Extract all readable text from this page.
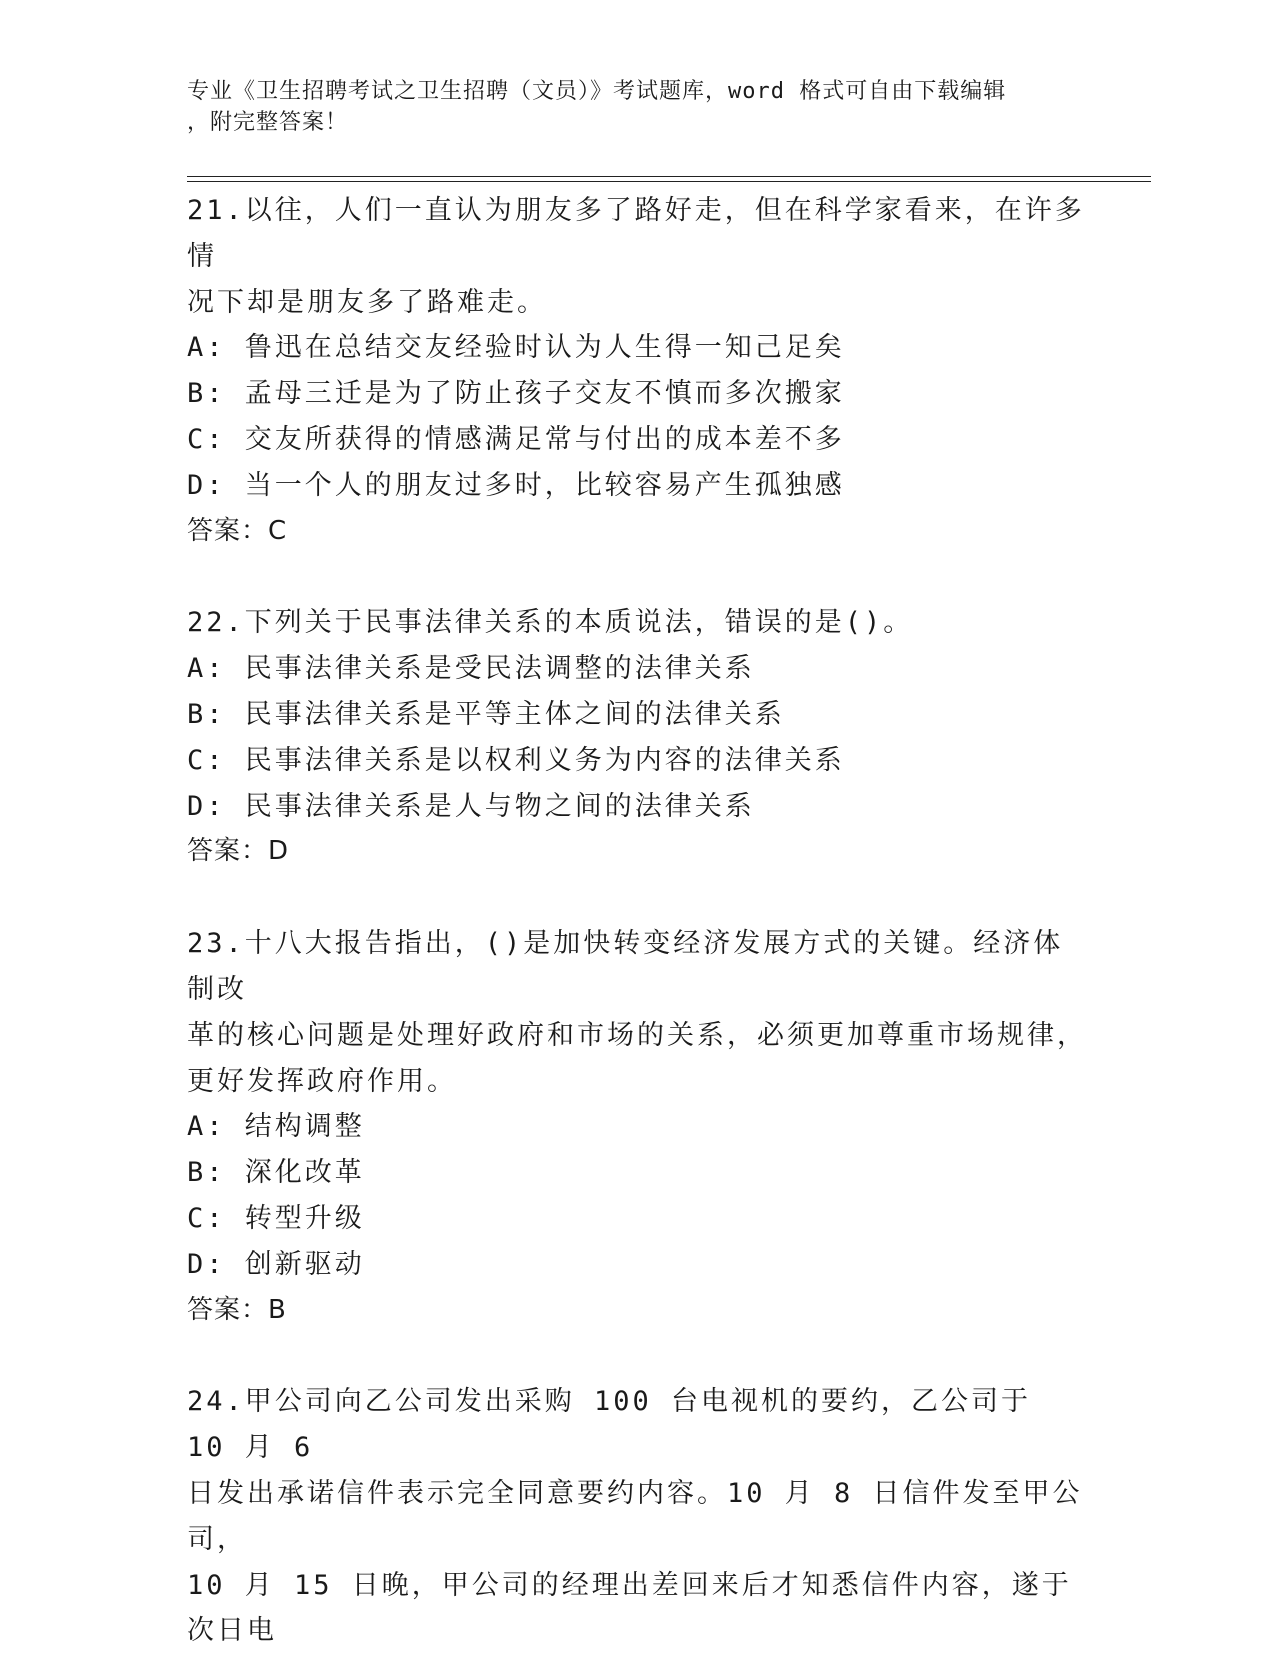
专业《卫生招聘考试之卫生招聘（文员）》考试题库，word 格式可自由下载编辑
，附完整答案！
21.以往，人们一直认为朋友多了路好走，但在科学家看来，在许多情
况下却是朋友多了路难走。
A: 鲁迅在总结交友经验时认为人生得一知己足矣
B: 孟母三迁是为了防止孩子交友不慎而多次搬家
C: 交友所获得的情感满足常与付出的成本差不多
D: 当一个人的朋友过多时，比较容易产生孤独感
答案：C
22.下列关于民事法律关系的本质说法，错误的是()。
A: 民事法律关系是受民法调整的法律关系
B: 民事法律关系是平等主体之间的法律关系
C: 民事法律关系是以权利义务为内容的法律关系
D: 民事法律关系是人与物之间的法律关系
答案：D
23.十八大报告指出，()是加快转变经济发展方式的关键。经济体制改
革的核心问题是处理好政府和市场的关系，必须更加尊重市场规律，
更好发挥政府作用。
A: 结构调整
B: 深化改革
C: 转型升级
D: 创新驱动
答案：B
24.甲公司向乙公司发出采购 100 台电视机的要约，乙公司于 10 月 6
日发出承诺信件表示完全同意要约内容。10 月 8 日信件发至甲公司，
10 月 15 日晚，甲公司的经理出差回来后才知悉信件内容，遂于次日电
